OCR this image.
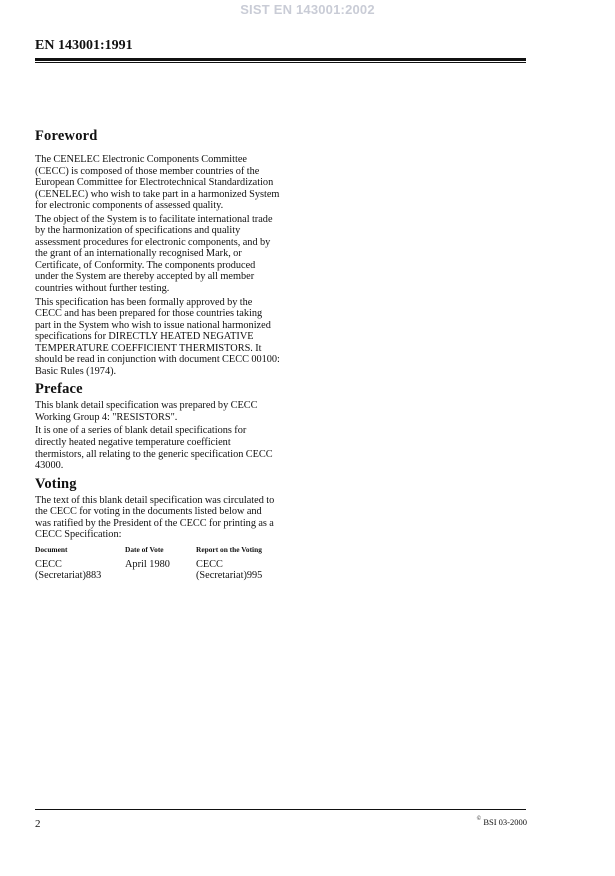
SIST EN 143001:2002
EN 143001:1991
Foreword

The CENELEC Electronic Components Committee (CECC) is composed of those member countries of the European Committee for Electrotechnical Standardization (CENELEC) who wish to take part in a harmonized System for electronic components of assessed quality.

The object of the System is to facilitate international trade by the harmonization of specifications and quality assessment procedures for electronic components, and by the grant of an internationally recognised Mark, or Certificate, of Conformity. The components produced under the System are thereby accepted by all member countries without further testing.

This specification has been formally approved by the CECC and has been prepared for those countries taking part in the System who wish to issue national harmonized specifications for DIRECTLY HEATED NEGATIVE TEMPERATURE COEFFICIENT THERMISTORS. It should be read in conjunction with document CECC 00100: Basic Rules (1974).

Preface

This blank detail specification was prepared by CECC Working Group 4: "RESISTORS".

It is one of a series of blank detail specifications for directly heated negative temperature coefficient thermistors, all relating to the generic specification CECC 43000.

Voting

The text of this blank detail specification was circulated to the CECC for voting in the documents listed below and was ratified by the President of the CECC for printing as a CECC Specification:

Document	Date of Vote	Report on the Voting
CECC (Secretariat)883	April 1980	CECC (Secretariat)995
2	© BSI 03-2000
